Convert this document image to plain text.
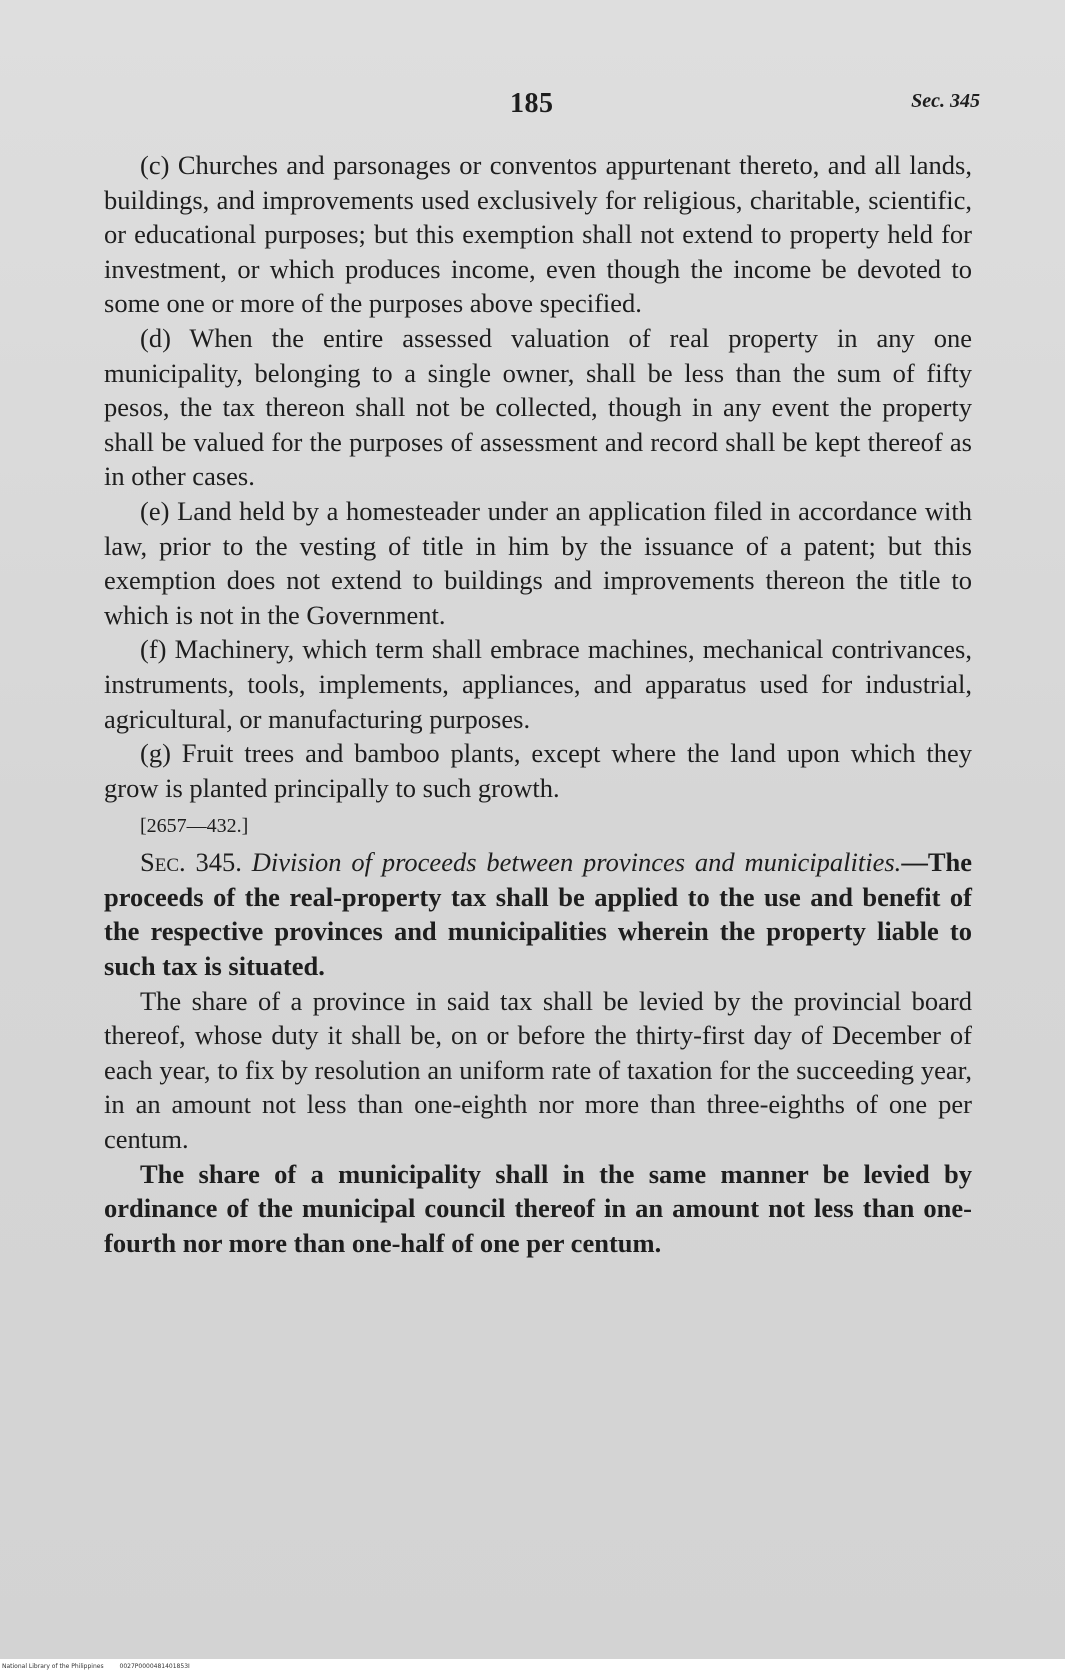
185	Sec. 345

(c) Churches and parsonages or conventos appurtenant thereto, and all lands, buildings, and improvements used exclusively for religious, charitable, scientific, or educational purposes; but this exemption shall not extend to property held for investment, or which produces income, even though the income be devoted to some one or more of the purposes above specified.

(d) When the entire assessed valuation of real property in any one municipality, belonging to a single owner, shall be less than the sum of fifty pesos, the tax thereon shall not be collected, though in any event the property shall be valued for the purposes of assessment and record shall be kept thereof as in other cases.

(e) Land held by a homesteader under an application filed in accordance with law, prior to the vesting of title in him by the issuance of a patent; but this exemption does not extend to buildings and improvements thereon the title to which is not in the Government.

(f) Machinery, which term shall embrace machines, mechanical contrivances, instruments, tools, implements, appliances, and apparatus used for industrial, agricultural, or manufacturing purposes.

(g) Fruit trees and bamboo plants, except where the land upon which they grow is planted principally to such growth.

[2657—432.]

Sec. 345. Division of proceeds between provinces and municipalities.—The proceeds of the real-property tax shall be applied to the use and benefit of the respective provinces and municipalities wherein the property liable to such tax is situated.

The share of a province in said tax shall be levied by the provincial board thereof, whose duty it shall be, on or before the thirty-first day of December of each year, to fix by resolution an uniform rate of taxation for the succeeding year, in an amount not less than one-eighth nor more than three-eighths of one per centum.

The share of a municipality shall in the same manner be levied by ordinance of the municipal council thereof in an amount not less than one-fourth nor more than one-half of one per centum.

National Library of the Philippines	0027P0000481401853I
